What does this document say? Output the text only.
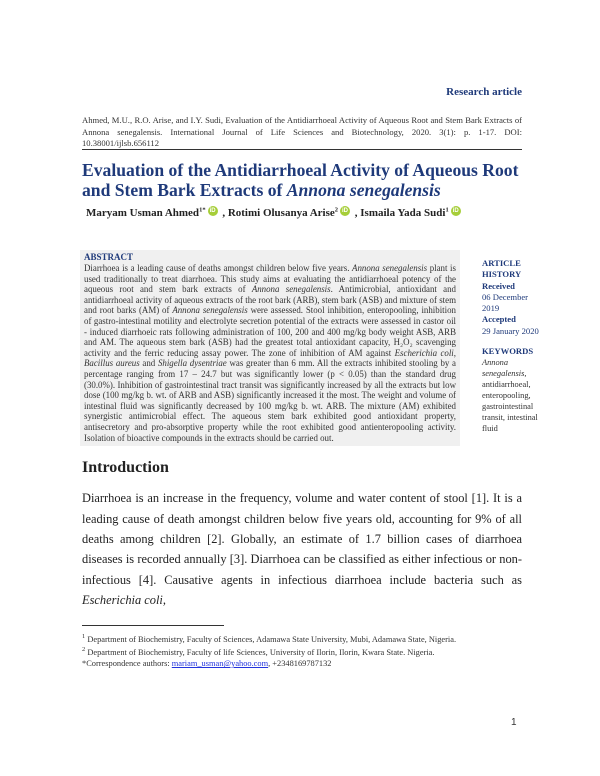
Research article
Ahmed, M.U., R.O. Arise, and I.Y. Sudi, Evaluation of the Antidiarrhoeal Activity of Aqueous Root and Stem Bark Extracts of Annona senegalensis. International Journal of Life Sciences and Biotechnology, 2020. 3(1): p. 1-17. DOI: 10.38001/ijlsb.656112
Evaluation of the Antidiarrhoeal Activity of Aqueous Root and Stem Bark Extracts of Annona senegalensis
Maryam Usman Ahmed$^{1*}$ iD , Rotimi Olusanya Arise$^2$ iD , Ismaila Yada Sudi$^1$ iD
ARTICLE HISTORY
Received
06 December 2019
Accepted
29 January 2020
KEYWORDS
Annona senegalensis, antidiarrhoeal, enteropooling, gastrointestinal transit, intestinal fluid
ABSTRACT
Diarrhoea is a leading cause of deaths amongst children below five years. Annona senegalensis plant is used traditionally to treat diarrhoea. This study aims at evaluating the antidiarrhoeal potency of the aqueous root and stem bark extracts of Annona senegalensis. Antimicrobial, antioxidant and antidiarrhoeal activity of aqueous extracts of the root bark (ARB), stem bark (ASB) and mixture of stem and root barks (AM) of Annona senegalensis were assessed. Stool inhibition, enteropooling, inhibition of gastro-intestinal motility and electrolyte secretion potential of the extracts were assessed in castor oil - induced diarrhoeic rats following administration of 100, 200 and 400 mg/kg body weight ASB, ARB and AM. The aqueous stem bark (ASB) had the greatest total antioxidant capacity, H₂O₂ scavenging activity and the ferric reducing assay power. The zone of inhibition of AM against Escherichia coli, Bacillus aureus and Shigella dysentriae was greater than 6 mm. All the extracts inhibited stooling by a percentage ranging from 17 – 24.7 but was significantly lower (p < 0.05) than the standard drug (30.0%). Inhibition of gastrointestinal tract transit was significantly increased by all the extracts but low dose (100 mg/kg b. wt. of ARB and ASB) significantly increased it the most. The weight and volume of intestinal fluid was significantly decreased by 100 mg/kg b. wt. ARB. The mixture (AM) exhibited synergistic antimicrobial effect. The aqueous stem bark exhibited good antioxidant property, antisecretory and pro-absorptive property while the root exhibited good antienteropooling activity. Isolation of bioactive compounds in the extracts should be carried out.
Introduction
Diarrhoea is an increase in the frequency, volume and water content of stool [1]. It is a leading cause of death amongst children below five years old, accounting for 9% of all deaths among children [2]. Globally, an estimate of 1.7 billion cases of diarrhoea diseases is recorded annually [3]. Diarrhoea can be classified as either infectious or non-infectious [4]. Causative agents in infectious diarrhoea include bacteria such as Escherichia coli,
$^1$ Department of Biochemistry, Faculty of Sciences, Adamawa State University, Mubi, Adamawa State, Nigeria.
$^2$ Department of Biochemistry, Faculty of life Sciences, University of Ilorin, Ilorin, Kwara State. Nigeria.
*Correspondence authors: mariam_usman@yahoo.com, +2348169787132
1
